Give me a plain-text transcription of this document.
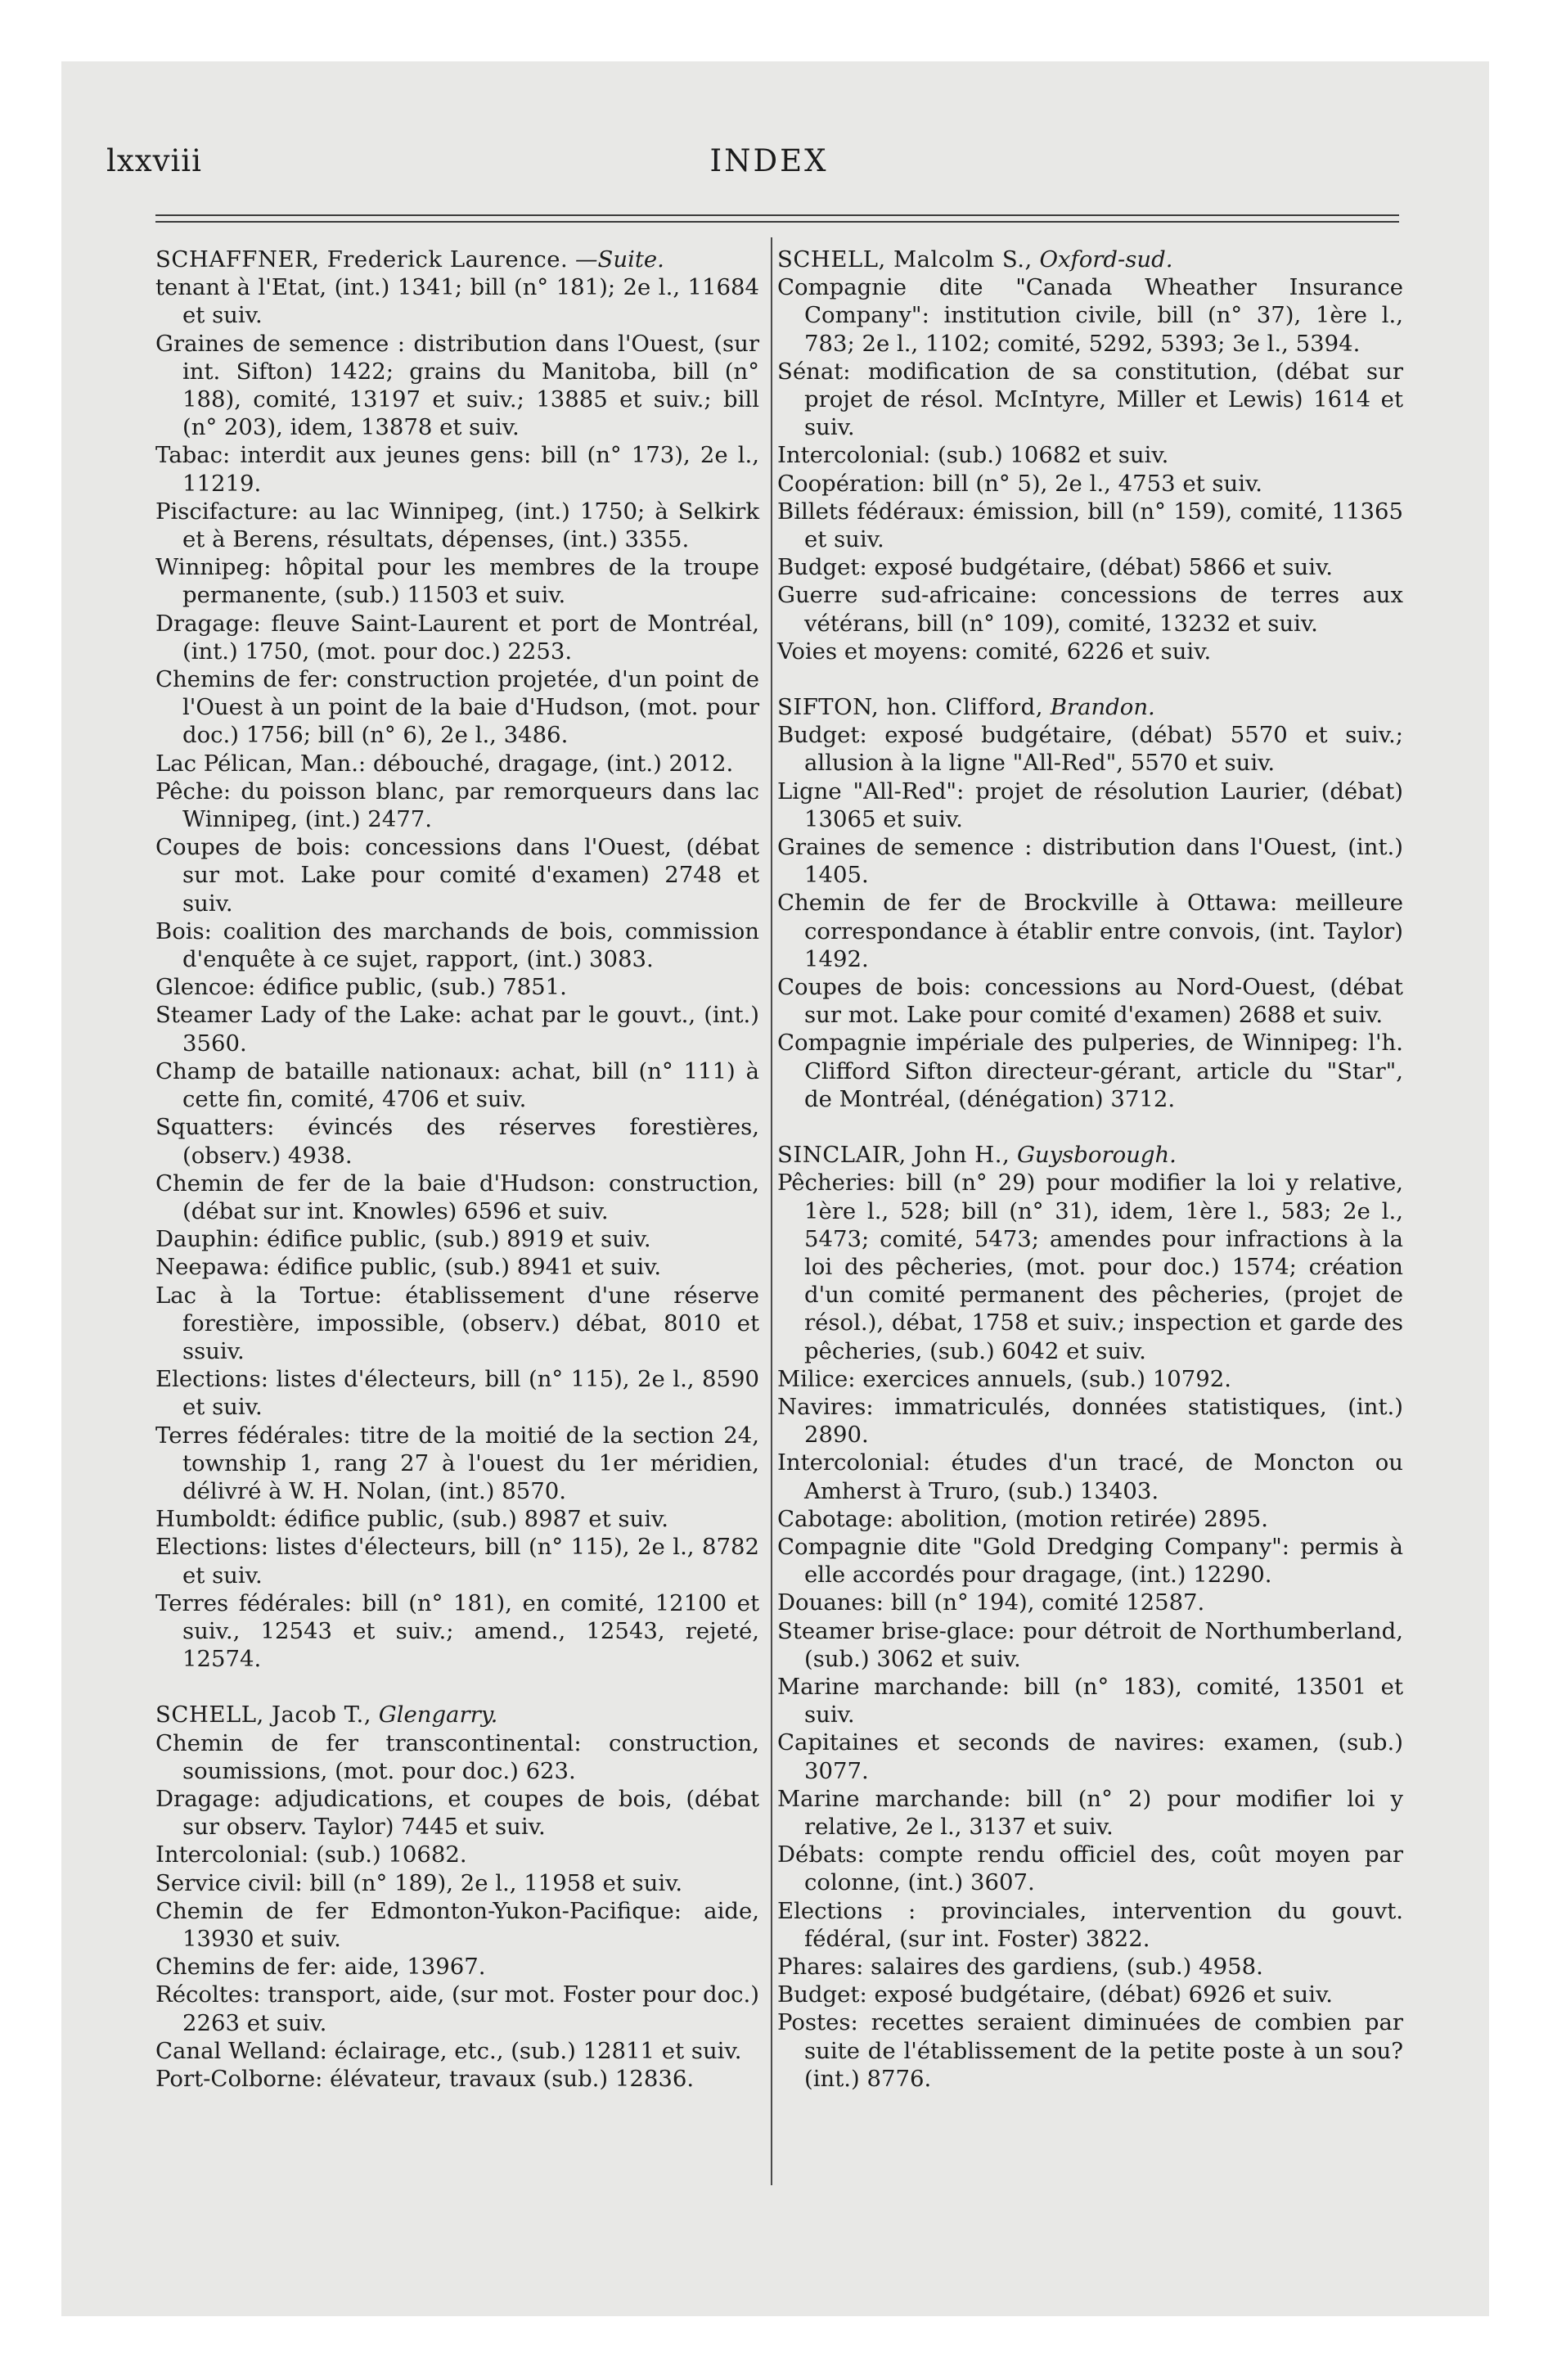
lxxviii	INDEX
SCHAFFNER, Frederick Laurence. —Suite.
tenant à l'Etat, (int.) 1341; bill (n° 181); 2e l., 11684 et suiv.
Graines de semence : distribution dans l'Ouest, (sur int. Sifton) 1422; grains du Manitoba, bill (n° 188), comité, 13197 et suiv.; 13885 et suiv.; bill (n° 203), idem, 13878 et suiv.
Tabac: interdit aux jeunes gens: bill (n° 173), 2e l., 11219.
Piscifacture: au lac Winnipeg, (int.) 1750; à Selkirk et à Berens, résultats, dépenses, (int.) 3355.
Winnipeg: hôpital pour les membres de la troupe permanente, (sub.) 11503 et suiv.
Dragage: fleuve Saint-Laurent et port de Montréal, (int.) 1750, (mot. pour doc.) 2253.
Chemins de fer: construction projetée, d'un point de l'Ouest à un point de la baie d'Hudson, (mot. pour doc.) 1756; bill (n° 6), 2e l., 3486.
Lac Pélican, Man.: débouché, dragage, (int.) 2012.
Pêche: du poisson blanc, par remorqueurs dans lac Winnipeg, (int.) 2477.
Coupes de bois: concessions dans l'Ouest, (débat sur mot. Lake pour comité d'examen) 2748 et suiv.
Bois: coalition des marchands de bois, commission d'enquête à ce sujet, rapport, (int.) 3083.
Glencoe: édifice public, (sub.) 7851.
Steamer Lady of the Lake: achat par le gouvt., (int.) 3560.
Champ de bataille nationaux: achat, bill (n° 111) à cette fin, comité, 4706 et suiv.
Squatters: évincés des réserves forestières, (observ.) 4938.
Chemin de fer de la baie d'Hudson: construction, (débat sur int. Knowles) 6596 et suiv.
Dauphin: édifice public, (sub.) 8919 et suiv.
Neepawa: édifice public, (sub.) 8941 et suiv.
Lac à la Tortue: établissement d'une réserve forestière, impossible, (observ.) débat, 8010 et ssuiv.
Elections: listes d'électeurs, bill (n° 115), 2e l., 8590 et suiv.
Terres fédérales: titre de la moitié de la section 24, township 1, rang 27 à l'ouest du 1er méridien, délivré à W. H. Nolan, (int.) 8570.
Humboldt: édifice public, (sub.) 8987 et suiv.
Elections: listes d'électeurs, bill (n° 115), 2e l., 8782 et suiv.
Terres fédérales: bill (n° 181), en comité, 12100 et suiv., 12543 et suiv.; amend., 12543, rejeté, 12574.
SCHELL, Jacob T., Glengarry.
Chemin de fer transcontinental: construction, soumissions, (mot. pour doc.) 623.
Dragage: adjudications, et coupes de bois, (débat sur observ. Taylor) 7445 et suiv.
Intercolonial: (sub.) 10682.
Service civil: bill (n° 189), 2e l., 11958 et suiv.
Chemin de fer Edmonton-Yukon-Pacifique: aide, 13930 et suiv.
Chemins de fer: aide, 13967.
Récoltes: transport, aide, (sur mot. Foster pour doc.) 2263 et suiv.
Canal Welland: éclairage, etc., (sub.) 12811 et suiv.
Port-Colborne: élévateur, travaux (sub.) 12836.
SCHELL, Malcolm S., Oxford-sud.
Compagnie dite "Canada Wheather Insurance Company": institution civile, bill (n° 37), 1ère l., 783; 2e l., 1102; comité, 5292, 5393; 3e l., 5394.
Sénat: modification de sa constitution, (débat sur projet de résol. McIntyre, Miller et Lewis) 1614 et suiv.
Intercolonial: (sub.) 10682 et suiv.
Coopération: bill (n° 5), 2e l., 4753 et suiv.
Billets fédéraux: émission, bill (n° 159), comité, 11365 et suiv.
Budget: exposé budgétaire, (débat) 5866 et suiv.
Guerre sud-africaine: concessions de terres aux vétérans, bill (n° 109), comité, 13232 et suiv.
Voies et moyens: comité, 6226 et suiv.
SIFTON, hon. Clifford, Brandon.
Budget: exposé budgétaire, (débat) 5570 et suiv.; allusion à la ligne "All-Red", 5570 et suiv.
Ligne "All-Red": projet de résolution Laurier, (débat) 13065 et suiv.
Graines de semence : distribution dans l'Ouest, (int.) 1405.
Chemin de fer de Brockville à Ottawa: meilleure correspondance à établir entre convois, (int. Taylor) 1492.
Coupes de bois: concessions au Nord-Ouest, (débat sur mot. Lake pour comité d'examen) 2688 et suiv.
Compagnie impériale des pulperies, de Winnipeg: l'h. Clifford Sifton directeur-gérant, article du "Star", de Montréal, (dénégation) 3712.
SINCLAIR, John H., Guysborough.
Pêcheries: bill (n° 29) pour modifier la loi y relative, 1ère l., 528; bill (n° 31), idem, 1ère l., 583; 2e l., 5473; comité, 5473; amendes pour infractions à la loi des pêcheries, (mot. pour doc.) 1574; création d'un comité permanent des pêcheries, (projet de résol.), débat, 1758 et suiv.; inspection et garde des pêcheries, (sub.) 6042 et suiv.
Milice: exercices annuels, (sub.) 10792.
Navires: immatriculés, données statistiques, (int.) 2890.
Intercolonial: études d'un tracé, de Moncton ou Amherst à Truro, (sub.) 13403.
Cabotage: abolition, (motion retirée) 2895.
Compagnie dite "Gold Dredging Company": permis à elle accordés pour dragage, (int.) 12290.
Douanes: bill (n° 194), comité 12587.
Steamer brise-glace: pour détroit de Northumberland, (sub.) 3062 et suiv.
Marine marchande: bill (n° 183), comité, 13501 et suiv.
Capitaines et seconds de navires: examen, (sub.) 3077.
Marine marchande: bill (n° 2) pour modifier loi y relative, 2e l., 3137 et suiv.
Débats: compte rendu officiel des, coût moyen par colonne, (int.) 3607.
Elections : provinciales, intervention du gouvt. fédéral, (sur int. Foster) 3822.
Phares: salaires des gardiens, (sub.) 4958.
Budget: exposé budgétaire, (débat) 6926 et suiv.
Postes: recettes seraient diminuées de combien par suite de l'établissement de la petite poste à un sou? (int.) 8776.
